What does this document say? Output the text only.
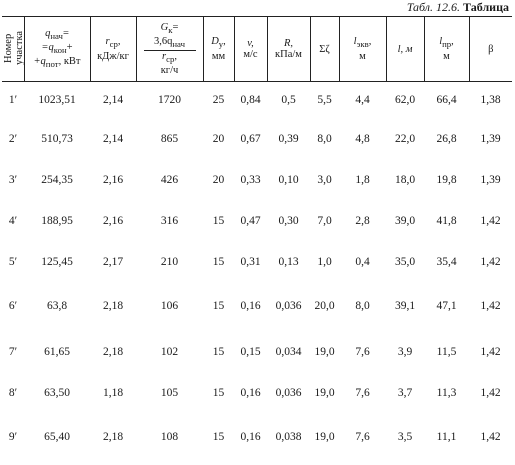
Табл. 12.6. Таблица
Номер участка	$q_{нач}=$
$=q_{кон}+$
$+q_{пот}$, кВт	$r_{ср}$,
кДж/кг	$G_к=$
$3,6q_{нач}$
$r_{ср}$,
кг/ч	$D_у$,
мм	v,
м/с	R,
кПа/м	Σζ	$l_{экв}$,
м	l, м	$l_{пр}$,
м	β
1′	1023,51	2,14	1720	25	0,84	0,5	5,5	4,4	62,0	66,4	1,38
2′	510,73	2,14	865	20	0,67	0,39	8,0	4,8	22,0	26,8	1,39
3′	254,35	2,16	426	20	0,33	0,10	3,0	1,8	18,0	19,8	1,39
4′	188,95	2,16	316	15	0,47	0,30	7,0	2,8	39,0	41,8	1,42
5′	125,45	2,17	210	15	0,31	0,13	1,0	0,4	35,0	35,4	1,42
6′	63,8	2,18	106	15	0,16	0,036	20,0	8,0	39,1	47,1	1,42
7′	61,65	2,18	102	15	0,15	0,034	19,0	7,6	3,9	11,5	1,42
8′	63,50	1,18	105	15	0,16	0,036	19,0	7,6	3,7	11,3	1,42
9′	65,40	2,18	108	15	0,16	0,038	19,0	7,6	3,5	11,1	1,42
